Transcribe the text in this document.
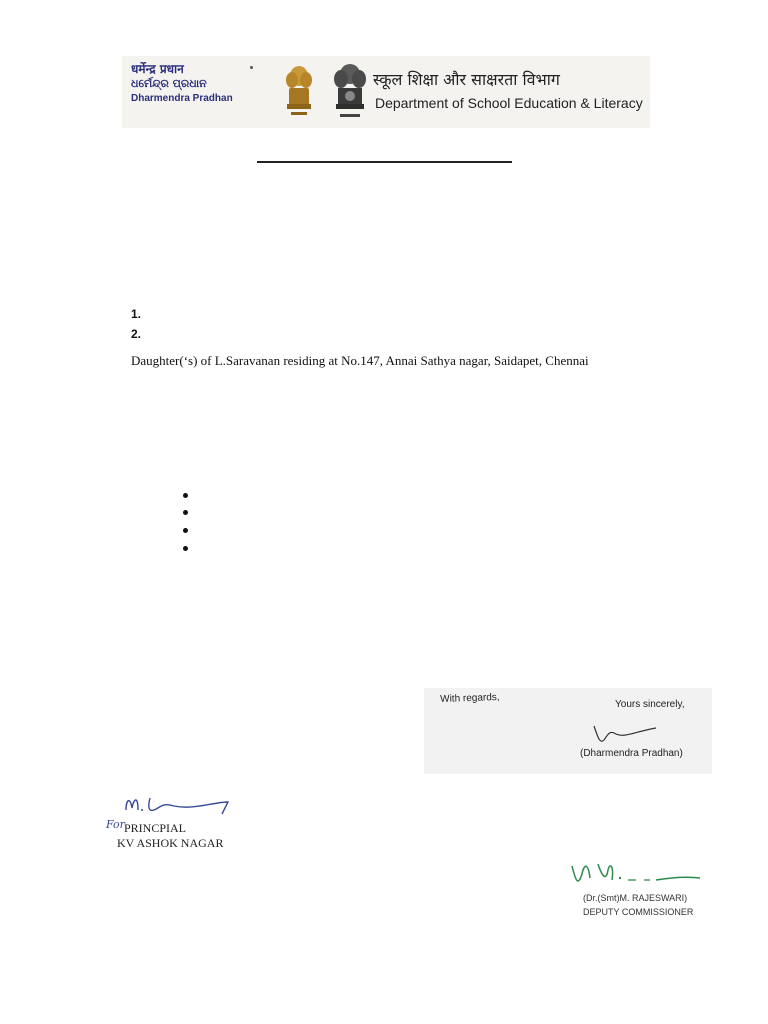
धर्मेन्द्र प्रधान
ଧର୍ମେନ୍ଦ୍ର ପ୍ରଧାନ
Dharmendra Pradhan
स्कूल शिक्षा और साक्षरता विभाग
Department of School Education & Literacy
1.
2.
Daughter(‘s) of L.Saravanan residing at No.147, Annai Sathya nagar, Saidapet, Chennai
With regards,	Yours sincerely,
(Dharmendra Pradhan)
For PRINCPIAL
KV ASHOK NAGAR
(Dr.(Smt)M. RAJESWARI)
DEPUTY COMMISSIONER
